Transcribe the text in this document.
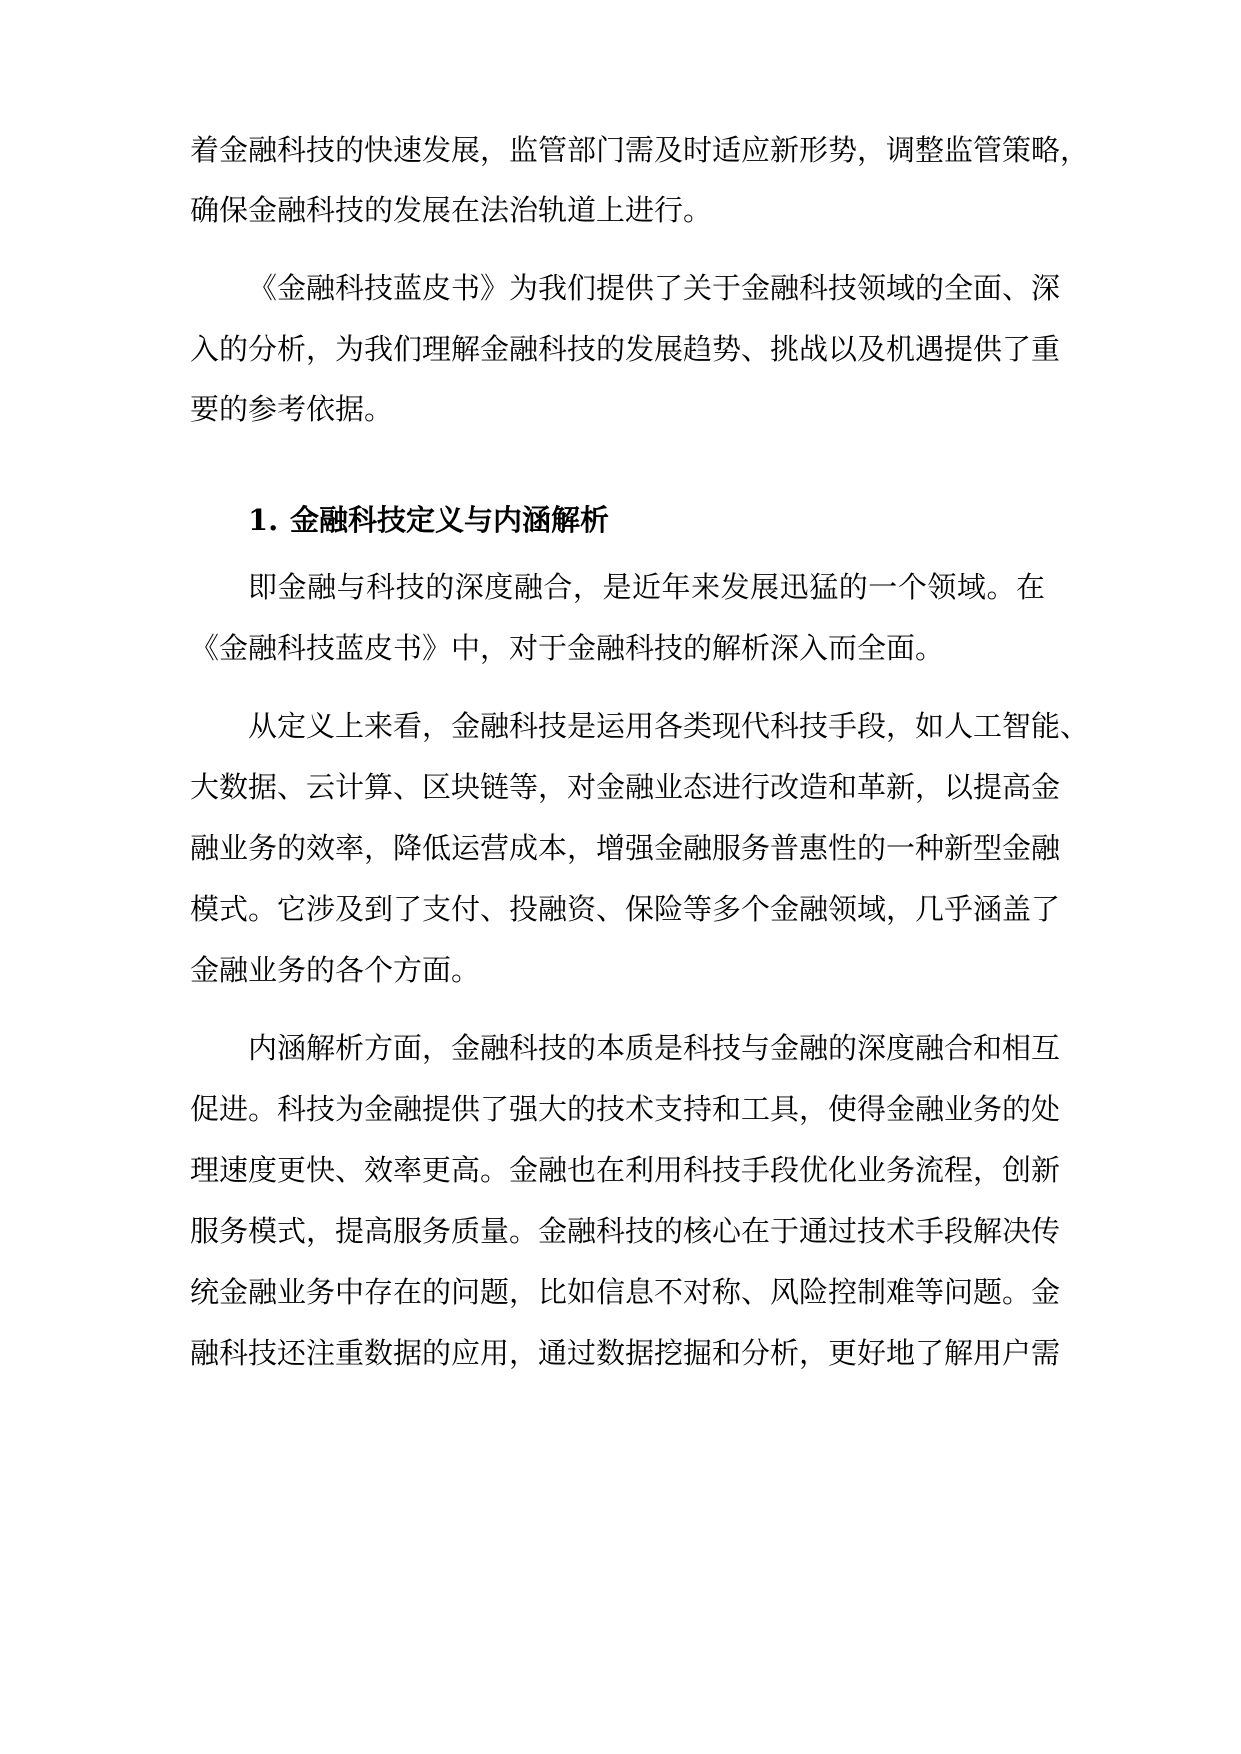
着金融科技的快速发展，监管部门需及时适应新形势，调整监管策略，

确保金融科技的发展在法治轨道上进行。

《金融科技蓝皮书》为我们提供了关于金融科技领域的全面、深

入的分析，为我们理解金融科技的发展趋势、挑战以及机遇提供了重

要的参考依据。

1. 金融科技定义与内涵解析

即金融与科技的深度融合，是近年来发展迅猛的一个领域。在

《金融科技蓝皮书》中，对于金融科技的解析深入而全面。

从定义上来看，金融科技是运用各类现代科技手段，如人工智能、

大数据、云计算、区块链等，对金融业态进行改造和革新，以提高金

融业务的效率，降低运营成本，增强金融服务普惠性的一种新型金融

模式。它涉及到了支付、投融资、保险等多个金融领域，几乎涵盖了

金融业务的各个方面。

内涵解析方面，金融科技的本质是科技与金融的深度融合和相互

促进。科技为金融提供了强大的技术支持和工具，使得金融业务的处

理速度更快、效率更高。金融也在利用科技手段优化业务流程，创新

服务模式，提高服务质量。金融科技的核心在于通过技术手段解决传

统金融业务中存在的问题，比如信息不对称、风险控制难等问题。金

融科技还注重数据的应用，通过数据挖掘和分析，更好地了解用户需
